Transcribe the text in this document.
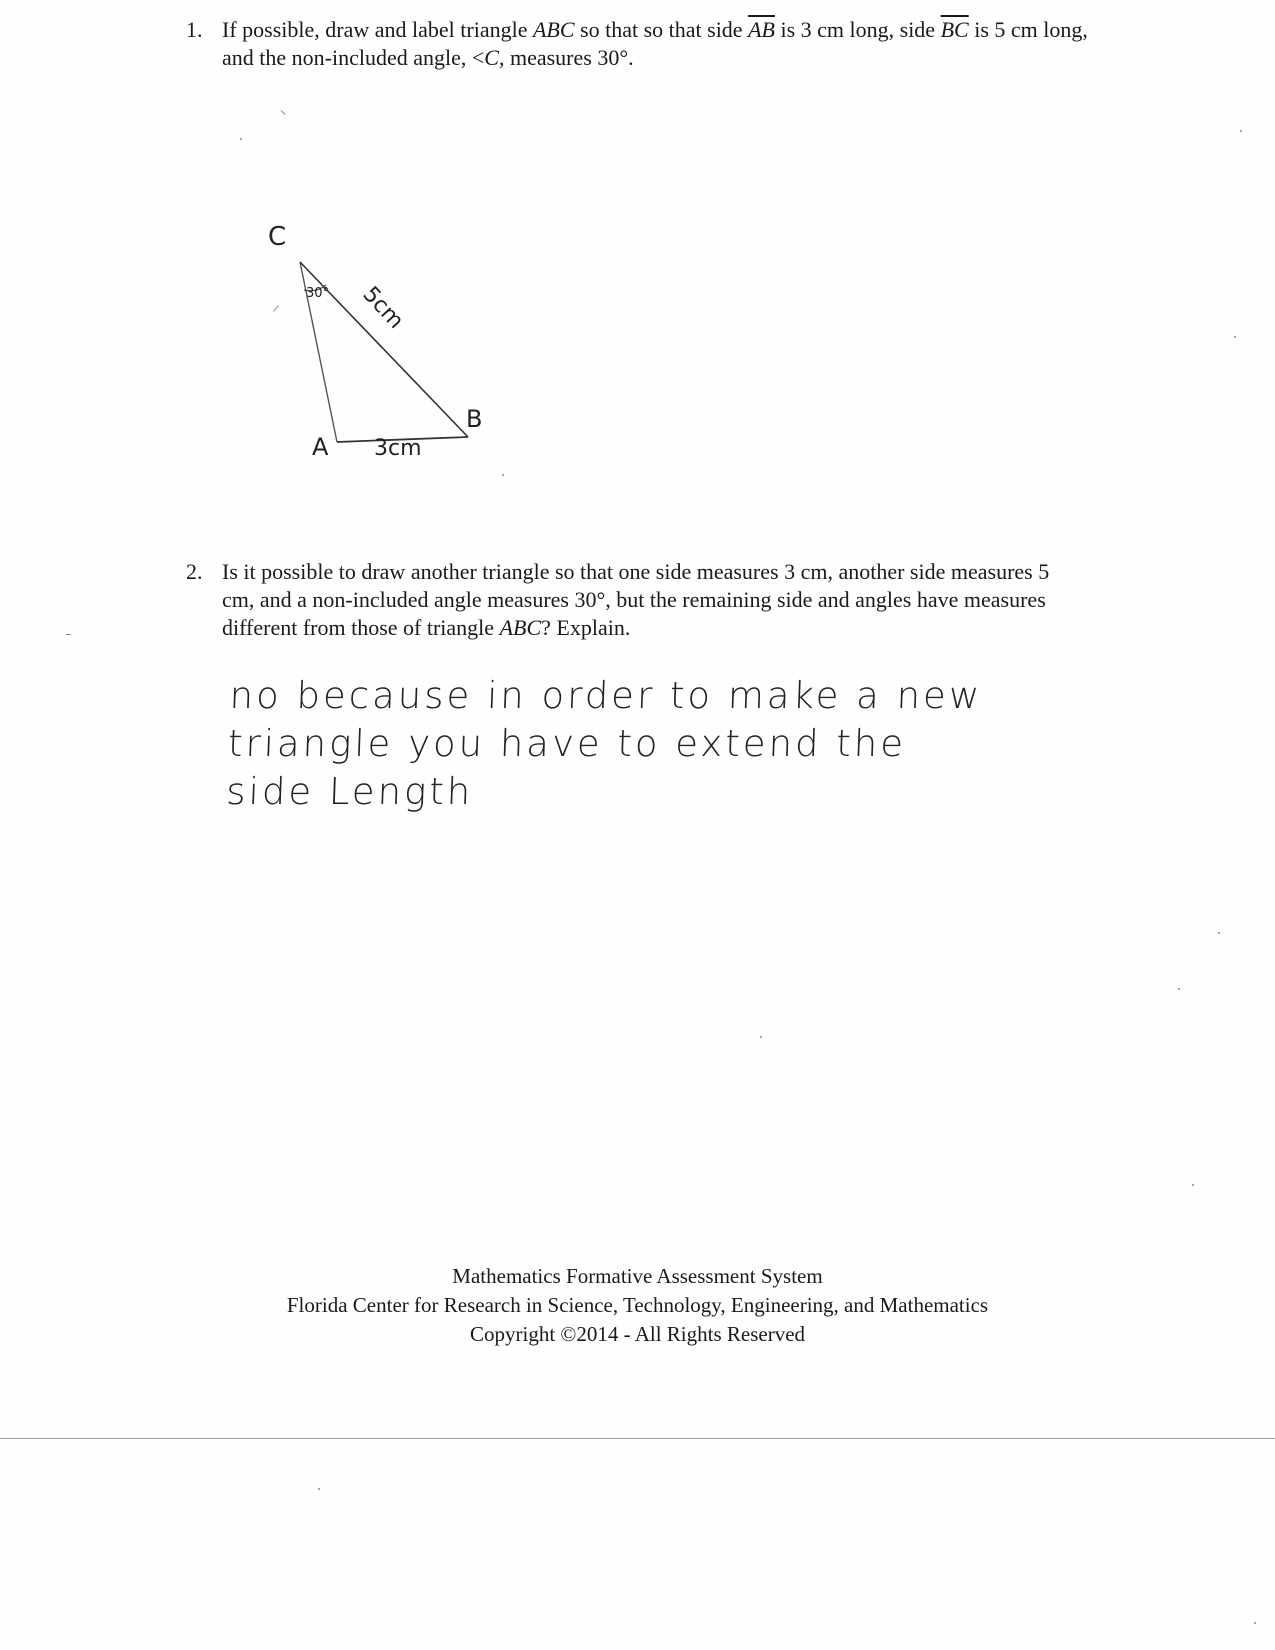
1. If possible, draw and label triangle ABC so that so that side $\overline{AB}$ is 3 cm long, side $\overline{BC}$ is 5 cm long, and the non-included angle, <C, measures 30°.
30°
C
A
B
5cm
3cm
2. Is it possible to draw another triangle so that one side measures 3 cm, another side measures 5 cm, and a non-included angle measures 30°, but the remaining side and angles have measures different from those of triangle ABC? Explain.
no because in order to make a new
triangle you have to extend the
side Length
Mathematics Formative Assessment System
Florida Center for Research in Science, Technology, Engineering, and Mathematics
Copyright ©2014 - All Rights Reserved
